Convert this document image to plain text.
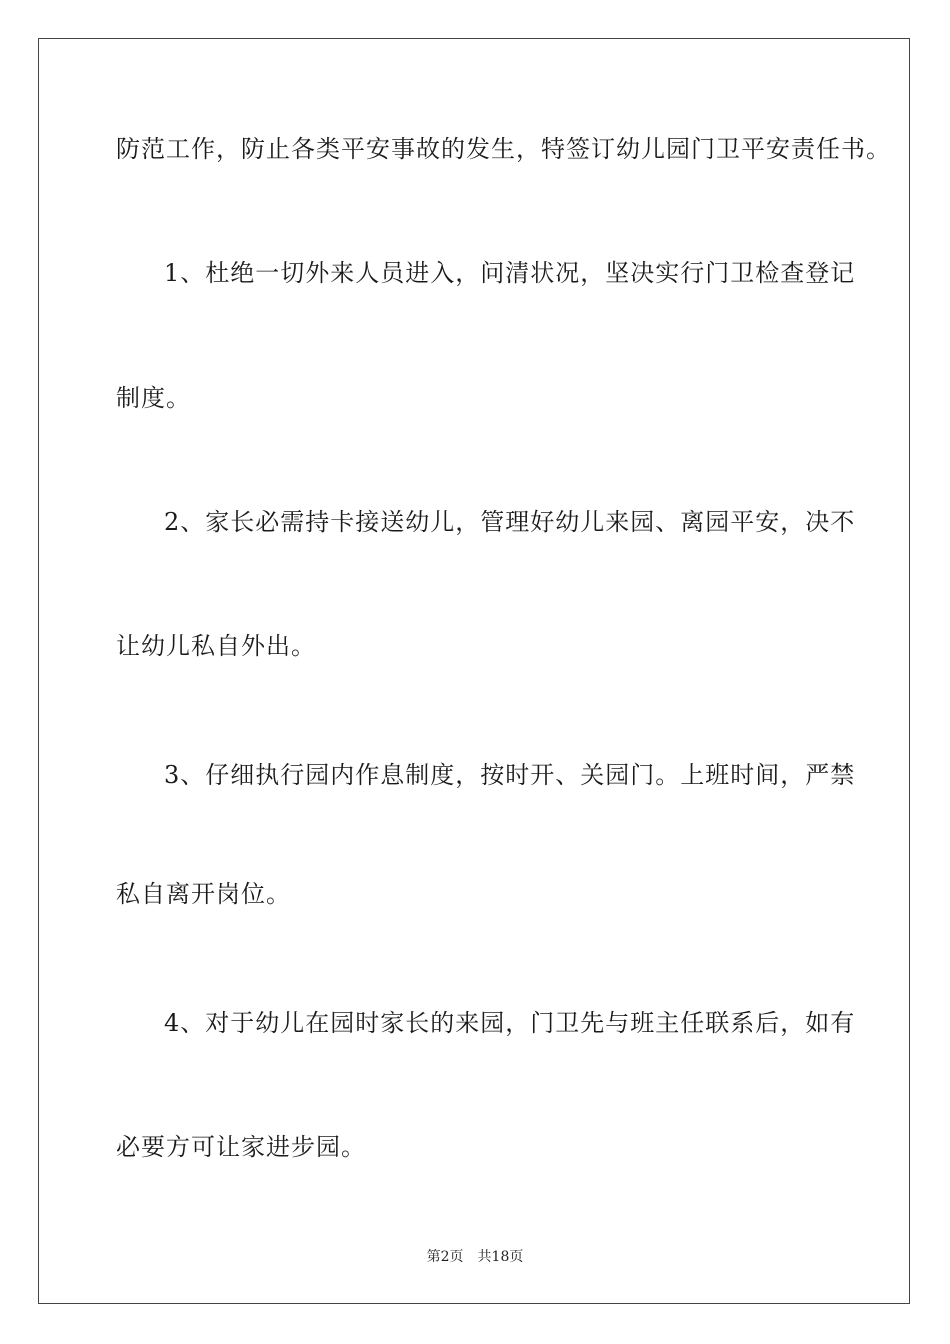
防范工作，防止各类平安事故的发生，特签订幼儿园门卫平安责任书。
1、杜绝一切外来人员进入，问清状况，坚决实行门卫检查登记
制度。
2、家长必需持卡接送幼儿，管理好幼儿来园、离园平安，决不
让幼儿私自外出。
3、仔细执行园内作息制度，按时开、关园门。上班时间，严禁
私自离开岗位。
4、对于幼儿在园时家长的来园，门卫先与班主任联系后，如有
必要方可让家进步园。
第2页 共18页
